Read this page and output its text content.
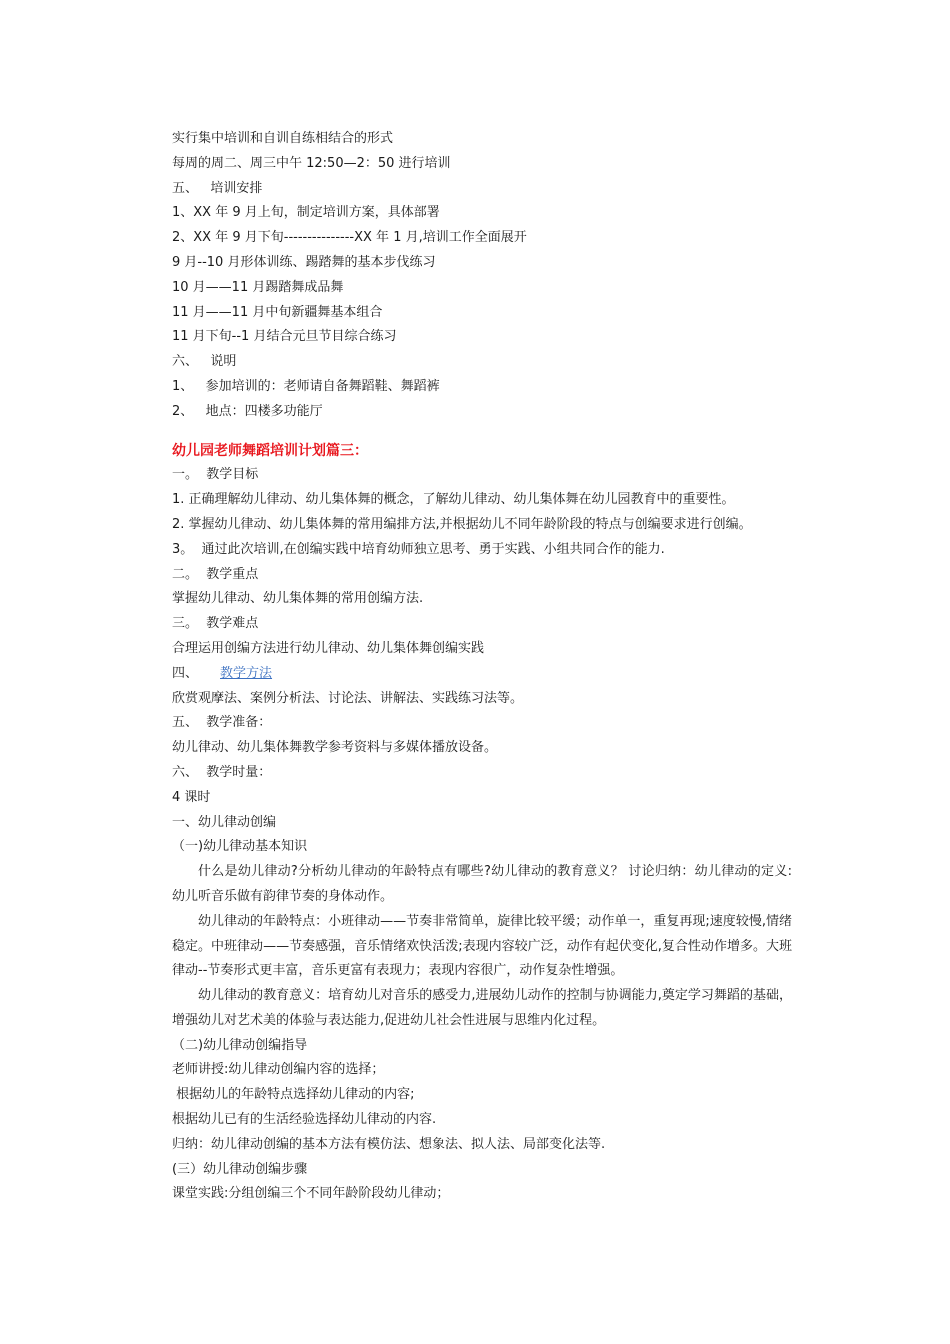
实行集中培训和自训自练相结合的形式
每周的周二、周三中午 12:50—2：50 进行培训
五、   培训安排
1、XX 年 9 月上旬，制定培训方案，具体部署
2、XX 年 9 月下旬---------------XX 年 1 月,培训工作全面展开
9 月--10 月形体训练、踢踏舞的基本步伐练习
10 月——11 月踢踏舞成品舞
11 月——11 月中旬新疆舞基本组合
11 月下旬--1 月结合元旦节目综合练习
六、   说明
1、   参加培训的：老师请自备舞蹈鞋、舞蹈裤
2、   地点：四楼多功能厅
幼儿园老师舞蹈培训计划篇三：
一。  教学目标
1. 正确理解幼儿律动、幼儿集体舞的概念，了解幼儿律动、幼儿集体舞在幼儿园教育中的重要性。
2. 掌握幼儿律动、幼儿集体舞的常用编排方法,并根据幼儿不同年龄阶段的特点与创编要求进行创编。
3。  通过此次培训,在创编实践中培育幼师独立思考、勇于实践、小组共同合作的能力.
二。  教学重点
掌握幼儿律动、幼儿集体舞的常用创编方法.
三。  教学难点
合理运用创编方法进行幼儿律动、幼儿集体舞创编实践
四、 教学方法
欣赏观摩法、案例分析法、讨论法、讲解法、实践练习法等。
五、  教学准备：
幼儿律动、幼儿集体舞教学参考资料与多媒体播放设备。
六、  教学时量：
4 课时
一、幼儿律动创编
（一)幼儿律动基本知识
什么是幼儿律动?分析幼儿律动的年龄特点有哪些?幼儿律动的教育意义？ 讨论归纳：幼儿律动的定义:幼儿听音乐做有韵律节奏的身体动作。
幼儿律动的年龄特点：小班律动——节奏非常简单，旋律比较平缓；动作单一，重复再现;速度较慢,情绪稳定。中班律动——节奏感强，音乐情绪欢快活泼;表现内容较广泛，动作有起伏变化,复合性动作增多。大班律动--节奏形式更丰富，音乐更富有表现力；表现内容很广，动作复杂性增强。
幼儿律动的教育意义：培育幼儿对音乐的感受力,进展幼儿动作的控制与协调能力,奠定学习舞蹈的基础，增强幼儿对艺术美的体验与表达能力,促进幼儿社会性进展与思维内化过程。
（二)幼儿律动创编指导
老师讲授:幼儿律动创编内容的选择；
根据幼儿的年龄特点选择幼儿律动的内容;
根据幼儿已有的生活经验选择幼儿律动的内容.
归纳：幼儿律动创编的基本方法有模仿法、想象法、拟人法、局部变化法等.
(三）幼儿律动创编步骤
课堂实践:分组创编三个不同年龄阶段幼儿律动；
